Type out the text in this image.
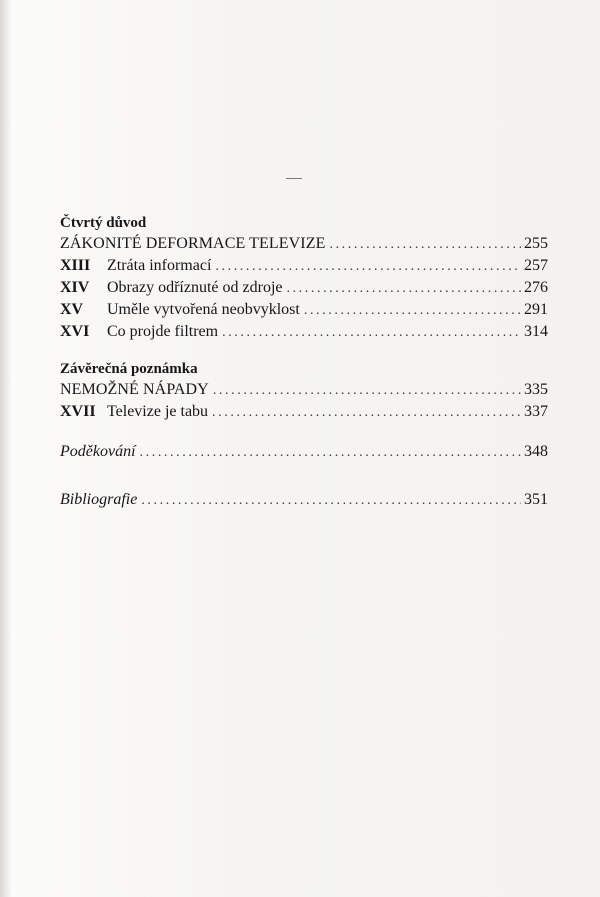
Čtvrtý důvod
ZÁKONITÉ DEFORMACE TELEVIZE .....	255
XIII	Ztráta informací .....	257
XIV	Obrazy odříznuté od zdroje .....	276
XV	Uměle vytvořená neobvyklost .....	291
XVI	Co projde filtrem .....	314
Závěrečná poznámka
NEMOŽNÉ NÁPADY .....	335
XVII Televize je tabu .....	337
Poděkování .....	348
Bibliografie .....	351
